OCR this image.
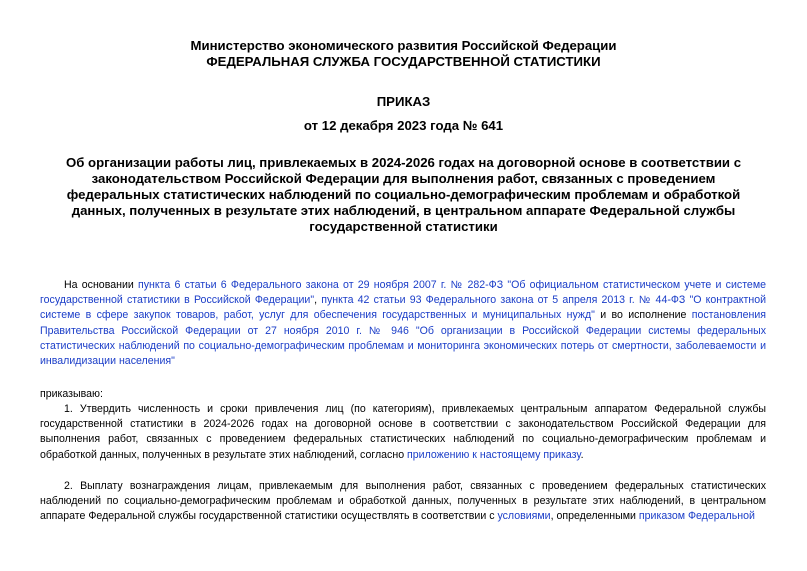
Министерство экономического развития Российской Федерации
ФЕДЕРАЛЬНАЯ СЛУЖБА ГОСУДАРСТВЕННОЙ СТАТИСТИКИ
ПРИКАЗ
от 12 декабря 2023 года № 641
Об организации работы лиц, привлекаемых в 2024-2026 годах на договорной основе в соответствии с законодательством Российской Федерации для выполнения работ, связанных с проведением федеральных статистических наблюдений по социально-демографическим проблемам и обработкой данных, полученных в результате этих наблюдений, в центральном аппарате Федеральной службы государственной статистики
На основании пункта 6 статьи 6 Федерального закона от 29 ноября 2007 г. № 282-ФЗ "Об официальном статистическом учете и системе государственной статистики в Российской Федерации", пункта 42 статьи 93 Федерального закона от 5 апреля 2013 г. № 44-ФЗ "О контрактной системе в сфере закупок товаров, работ, услуг для обеспечения государственных и муниципальных нужд" и во исполнение постановления Правительства Российской Федерации от 27 ноября 2010 г. № 946 "Об организации в Российской Федерации системы федеральных статистических наблюдений по социально-демографическим проблемам и мониторинга экономических потерь от смертности, заболеваемости и инвалидизации населения"
приказываю:
1. Утвердить численность и сроки привлечения лиц (по категориям), привлекаемых центральным аппаратом Федеральной службы государственной статистики в 2024-2026 годах на договорной основе в соответствии с законодательством Российской Федерации для выполнения работ, связанных с проведением федеральных статистических наблюдений по социально-демографическим проблемам и обработкой данных, полученных в результате этих наблюдений, согласно приложению к настоящему приказу.
2. Выплату вознаграждения лицам, привлекаемым для выполнения работ, связанных с проведением федеральных статистических наблюдений по социально-демографическим проблемам и обработкой данных, полученных в результате этих наблюдений, в центральном аппарате Федеральной службы государственной статистики осуществлять в соответствии с условиями, определенными приказом Федеральной
